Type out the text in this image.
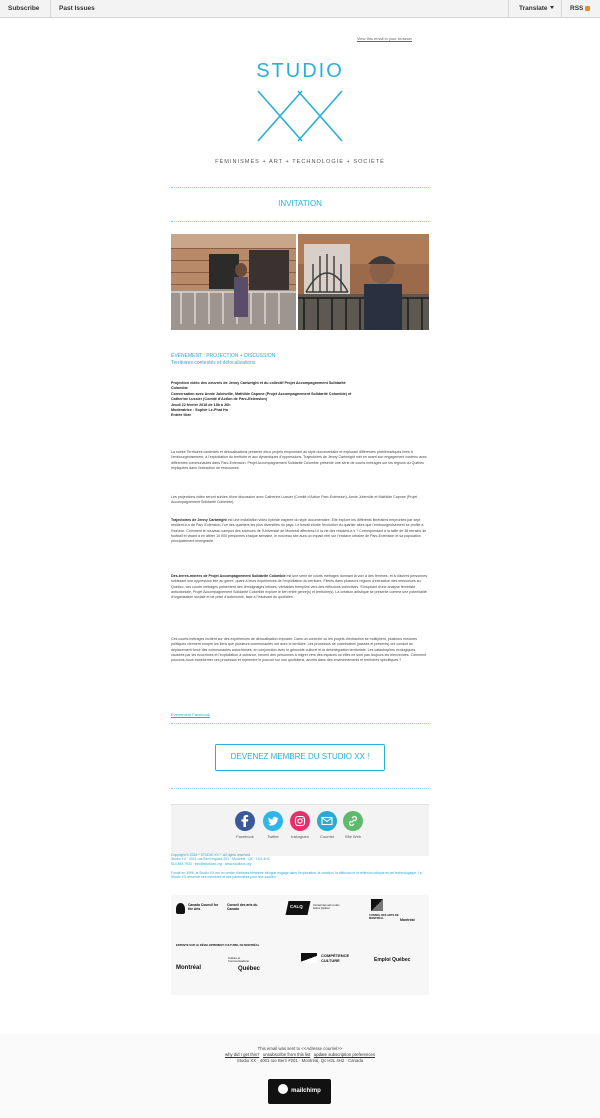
Subscribe	Past Issues	Translate	RSS
View this email in your browser
STUDIO
FÉMINISMES + ART + TECHNOLOGIE + SOCIÉTÉ
INVITATION
ÉVÉNEMENT : PROJECTION + DISCUSSION
Territoires contestés et délocalisations
Projection vidéo des oeuvres de Jenny Cartwright et du collectif Projet Accompagnement Solidarité
Colombie
Conversation avec Annie Jubinville, Mathilde Capone (Projet Accompagnement Solidarité Colombie) et
Catherine Lussier (Comité d'Action de Parc-Extension)
Jeudi 22 février 2018 de 18h à 20h
Modératrice : Sophie Le-Phat Ho
Entrée libre
La soirée Territoires contestés et délocalisations présente deux projets empruntant au style documentaire et explorant différentes problématiques liées à l'embourgeoisement, à l'exploitation du territoire et aux dynamiques d'oppressions. Trajectoires de Jenny Cartwright met en avant son engagement contenu avec différentes communautés dans Parc-Extension. Projet Accompagnement Solidarité Colombie présente une série de courts métrages sur les régions du Québec impliquées dans l'extraction de ressources.
Les projections vidéo seront suivies d'une discussion avec Catherine Lussier (Comité d'Action Parc-Extension), Annie Jubinville et Mathilde Capone (Projet Accompagnement Solidarité Colombie).
Trajectoires de Jenny Cartwright est une installation vidéo hybride inspirée du style documentaire. Elle explore les différents itinéraires empruntés par sept résident-e-s de Parc-Extension, l'un des quartiers les plus diversifiés du pays. Le travail étudie l'évolution du quartier alors que l'embourgeoisement se profile à l'horizon. Comment le nouveau campus des sciences de l'Université de Montréal affectera-t-il la vie des résident-e-s ? Correspondant à la taille de 38 terrains de football et visant à en attirer 10 000 personnes chaque semaine, le nouveau site aura un impact réel sur l'enclave urbaine de Parc-Extension et sa population principalement immigrante.
Des-terres-minées de Projet Accompagnement Solidarité Colombie est une série de courts métrages donnant la voix à des femmes, et à d'autres personnes subissant une oppression liée au genre, quant à leurs expériences de l'exploitation du territoire. Filmés dans plusieurs régions d'extraction des ressources au Québec, ces courts métrages présentent des témoignages intimes, véritables tremplins vers des réflexions collectives. S'inspirant d'une analyse féministe anticoloniale, Projet Accompagnement Solidarité Colombie explore le lien entre genre(s) et territoire(s). La création artistique se présente comme une potentialité d'organisation sociale et de prise d'autonomie, face à l'insolvant du quotidien.
Ces courts-métrages incitent sur des expériences de délocalisation imposée. Dans un contexte où les projets d'extraction se multiplient, plusieurs mesures politiques viennent rompre les liens que plusieurs communautés ont avec le territoire. Les processus de colonisation (passés et présents) ont conduit au déplacement forcé des communautés autochtones, en conjonction avec le génocide culturel et la désintégration territoriale. Les catastrophes écologiques, causées par les écocrimes et l'exploitation à outrance, forcent des personnes à migrer vers des espaces où elles ne sont pas toujours les bienvenues. Comment pouvons-nous transformer ces processus et reprendre le pouvoir sur nos quotidiens, ancrés dans des environnements et territoires spécifiques ?
Événement Facebook
DEVENEZ MEMBRE DU STUDIO XX !
Facebook	Twitter	Instagram	Courriel	Site Web
Copyright © 2018 * STUDIO XX *, All rights reserved.
Studio XX · 4001 rue Berri espace 201 · Montréal · QC · H2L 4H2
514.845.7934 · info@studioxx.org · www.studioxx.org
Fondé en 1996, le Studio XX est un centre d'artistes féministe bilingue engagé dans l'exploration, la création, la diffusion et la réflexion critique en art technologique. Le Studio XX remercie ses membres et ses partenaires pour leur soutien.
Canada Council for the Arts
Conseil des arts du Canada	CALQ	Conseil des arts et des lettres Québec
CONSEIL DES ARTS DE MONTRÉAL	Montréal
ENTENTE SUR LE DÉVELOPPEMENT CULTUREL DE MONTRÉAL
Montréal
Culture et Communications
Québec
COMPÉTENCE CULTURE	Emploi Québec
This email was sent to <<Adresse courriel>>
why did I get this? unsubscribe from this list update subscription preferences
Studio XX · 4001 rue Berri #201 · Montréal, Qc H2L 4H2 · Canada
mailchimp
